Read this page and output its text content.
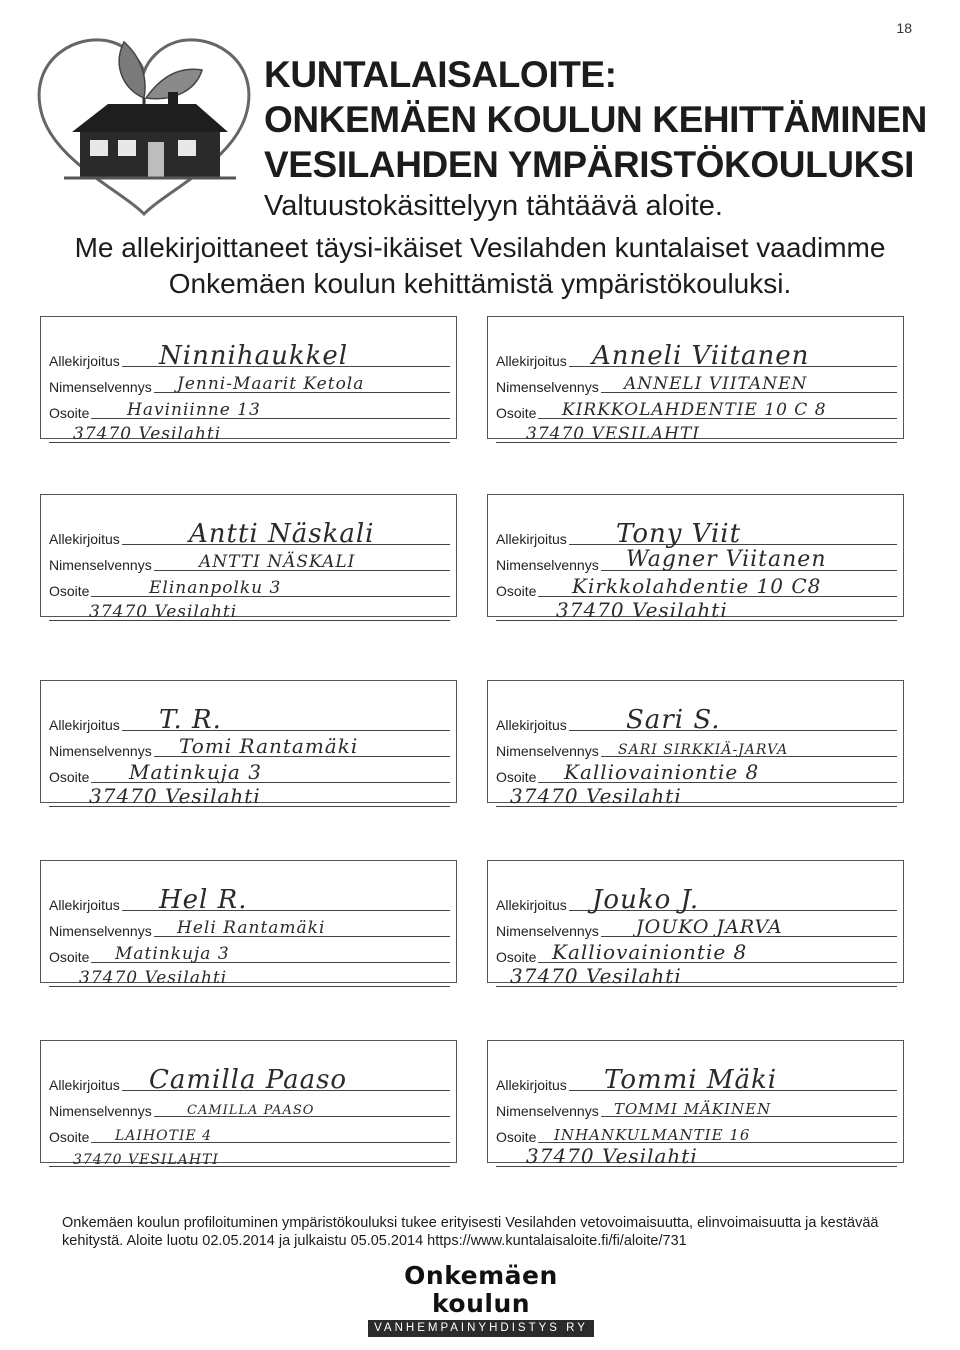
18
KUNTALAISALOITE:
ONKEMÄEN KOULUN KEHITTÄMINEN
VESILAHDEN YMPÄRISTÖKOULUKSI
Valtuustokäsittelyyn tähtäävä aloite.
Me allekirjoittaneet täysi-ikäiset Vesilahden kuntalaiset vaadimme
Onkemäen koulun kehittämistä ympäristökouluksi.
Allekirjoitus Ninnihaukkel
Nimenselvennys Jenni-Maarit Ketola
Osoite Haviniinne 13
37470 Vesilahti
Allekirjoitus Anneli Viitanen
Nimenselvennys ANNELI VIITANEN
Osoite KIRKKOLAHDENTIE 10 C 8
37470 VESILAHTI
Allekirjoitus	Antti Näskali
Nimenselvennys	ANTTI NÄSKALI
Osoite	Elinanpolku 3
37470 Vesilahti
Allekirjoitus Tony Viit
Nimenselvennys Wagner Viitanen
Osoite Kirkkolahdentie 10 C8
37470 Vesilahti
Allekirjoitus T. R.
Nimenselvennys Tomi Rantamäki
Osoite Matinkuja 3
37470 Vesilahti
Allekirjoitus Sari S.
Nimenselvennys SARI SIRKKIÄ-JARVA
Osoite Kalliovainiontie 8
37470 Vesilahti
Allekirjoitus Hel R.
Nimenselvennys Heli Rantamäki
Osoite Matinkuja 3
37470 Vesilahti
Allekirjoitus Jouko J.
Nimenselvennys JOUKO JARVA
Osoite Kalliovainiontie 8
37470 Vesilahti
Allekirjoitus Camilla Paaso
Nimenselvennys	CAMILLA PAASO
Osoite LAIHOTIE 4
37470 VESILAHTI
Allekirjoitus Tommi Mäki
Nimenselvennys TOMMI MÄKINEN
Osoite INHANKULMANTIE 16
37470 Vesilahti
Onkemäen koulun profiloituminen ympäristökouluksi tukee erityisesti Vesilahden vetovoimaisuutta, elinvoimaisuutta ja kestävää kehitystä. Aloite luotu 02.05.2014 ja julkaistu 05.05.2014 https://www.kuntalaisaloite.fi/fi/aloite/731
Onkemäen koulun
VANHEMPAINYHDISTYS RY
